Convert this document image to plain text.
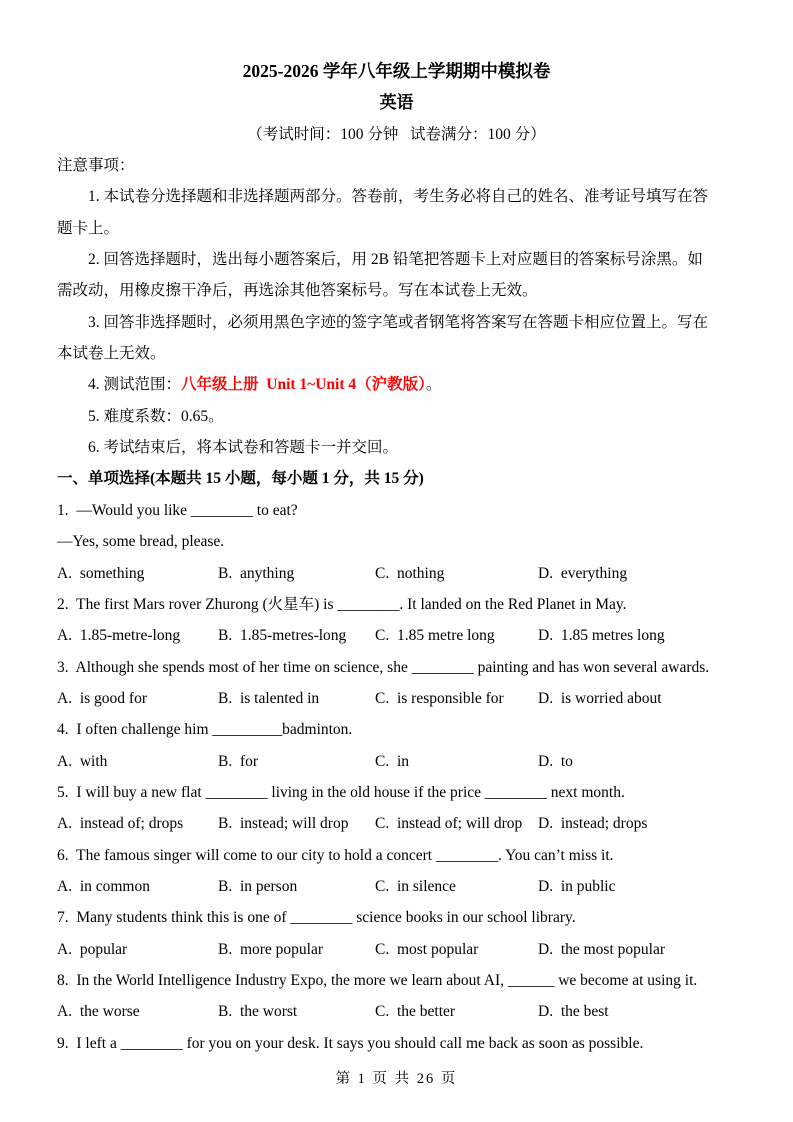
2025-2026 学年八年级上学期期中模拟卷
英语

（考试时间：100 分钟   试卷满分：100 分）

注意事项：

1. 本试卷分选择题和非选择题两部分。答卷前，考生务必将自己的姓名、准考证号填写在答

题卡上。

2. 回答选择题时，选出每小题答案后，用 2B 铅笔把答题卡上对应题目的答案标号涂黑。如

需改动，用橡皮擦干净后，再选涂其他答案标号。写在本试卷上无效。

3. 回答非选择题时，必须用黑色字迹的签字笔或者钢笔将答案写在答题卡相应位置上。写在

本试卷上无效。

4. 测试范围：八年级上册  Unit 1~Unit 4（沪教版）。

5. 难度系数：0.65。

6. 考试结束后，将本试卷和答题卡一并交回。

一、单项选择(本题共 15 小题，每小题 1 分，共 15 分)

1.  —Would you like ________ to eat?

—Yes, some bread, please.

A.  something	B.  anything	C.  nothing	D.  everything

2.  The first Mars rover Zhurong (火星车) is ________. It landed on the Red Planet in May.

A.  1.85-metre-long	B.  1.85-metres-long	C.  1.85 metre long	D.  1.85 metres long

3.  Although she spends most of her time on science, she ________ painting and has won several awards.

A.  is good for	B.  is talented in	C.  is responsible for	D.  is worried about

4.  I often challenge him _________badminton.

A.  with	B.  for	C.  in	D.  to

5.  I will buy a new flat ________ living in the old house if the price ________ next month.

A.  instead of; drops	B.  instead; will drop	C.  instead of; will drop	D.  instead; drops

6.  The famous singer will come to our city to hold a concert ________. You can’t miss it.

A.  in common	B.  in person	C.  in silence	D.  in public

7.  Many students think this is one of ________ science books in our school library.

A.  popular	B.  more popular	C.  most popular	D.  the most popular

8.  In the World Intelligence Industry Expo, the more we learn about AI, ______ we become at using it.

A.  the worse	B.  the worst	C.  the better	D.  the best

9.  I left a ________ for you on your desk. It says you should call me back as soon as possible.

第 1 页 共 26 页
